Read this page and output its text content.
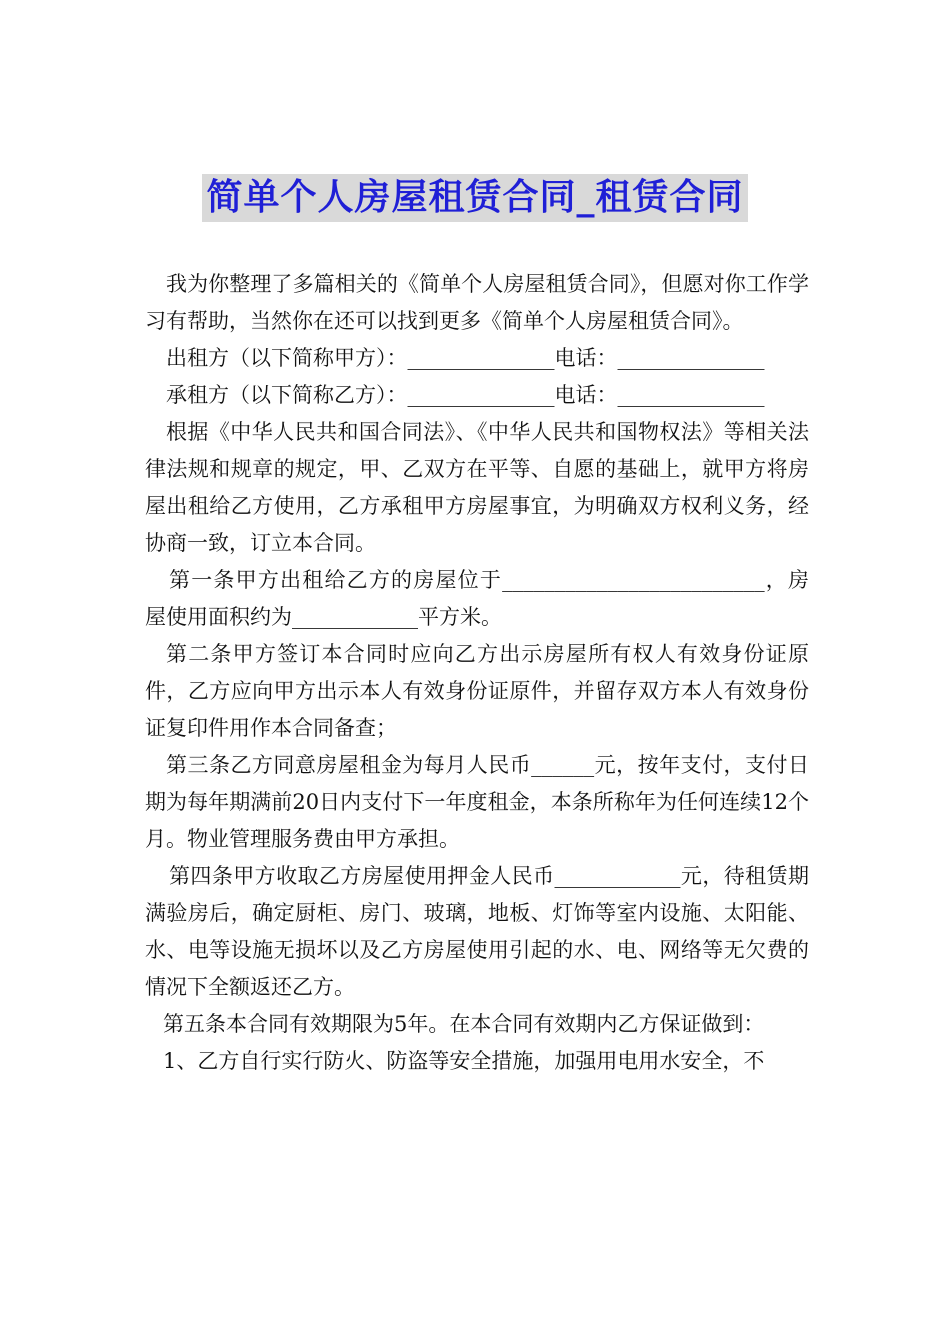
简单个人房屋租赁合同_租赁合同

我为你整理了多篇相关的《简单个人房屋租赁合同》，但愿对你工作学习有帮助，当然你在还可以找到更多《简单个人房屋租赁合同》。

出租方（以下简称甲方）：______________电话：______________

承租方（以下简称乙方）：______________电话：______________

根据《中华人民共和国合同法》、《中华人民共和国物权法》等相关法律法规和规章的规定，甲、乙双方在平等、自愿的基础上，就甲方将房屋出租给乙方使用，乙方承租甲方房屋事宜，为明确双方权利义务，经协商一致，订立本合同。

第一条甲方出租给乙方的房屋位于_________________________，房屋使用面积约为____________平方米。

第二条甲方签订本合同时应向乙方出示房屋所有权人有效身份证原件，乙方应向甲方出示本人有效身份证原件，并留存双方本人有效身份证复印件用作本合同备查；

第三条乙方同意房屋租金为每月人民币______元，按年支付，支付日期为每年期满前20日内支付下一年度租金，本条所称年为任何连续12个月。物业管理服务费由甲方承担。

第四条甲方收取乙方房屋使用押金人民币____________元，待租赁期满验房后，确定厨柜、房门、玻璃，地板、灯饰等室内设施、太阳能、水、电等设施无损坏以及乙方房屋使用引起的水、电、网络等无欠费的情况下全额返还乙方。

第五条本合同有效期限为5年。在本合同有效期内乙方保证做到：

1、乙方自行实行防火、防盗等安全措施，加强用电用水安全，不
